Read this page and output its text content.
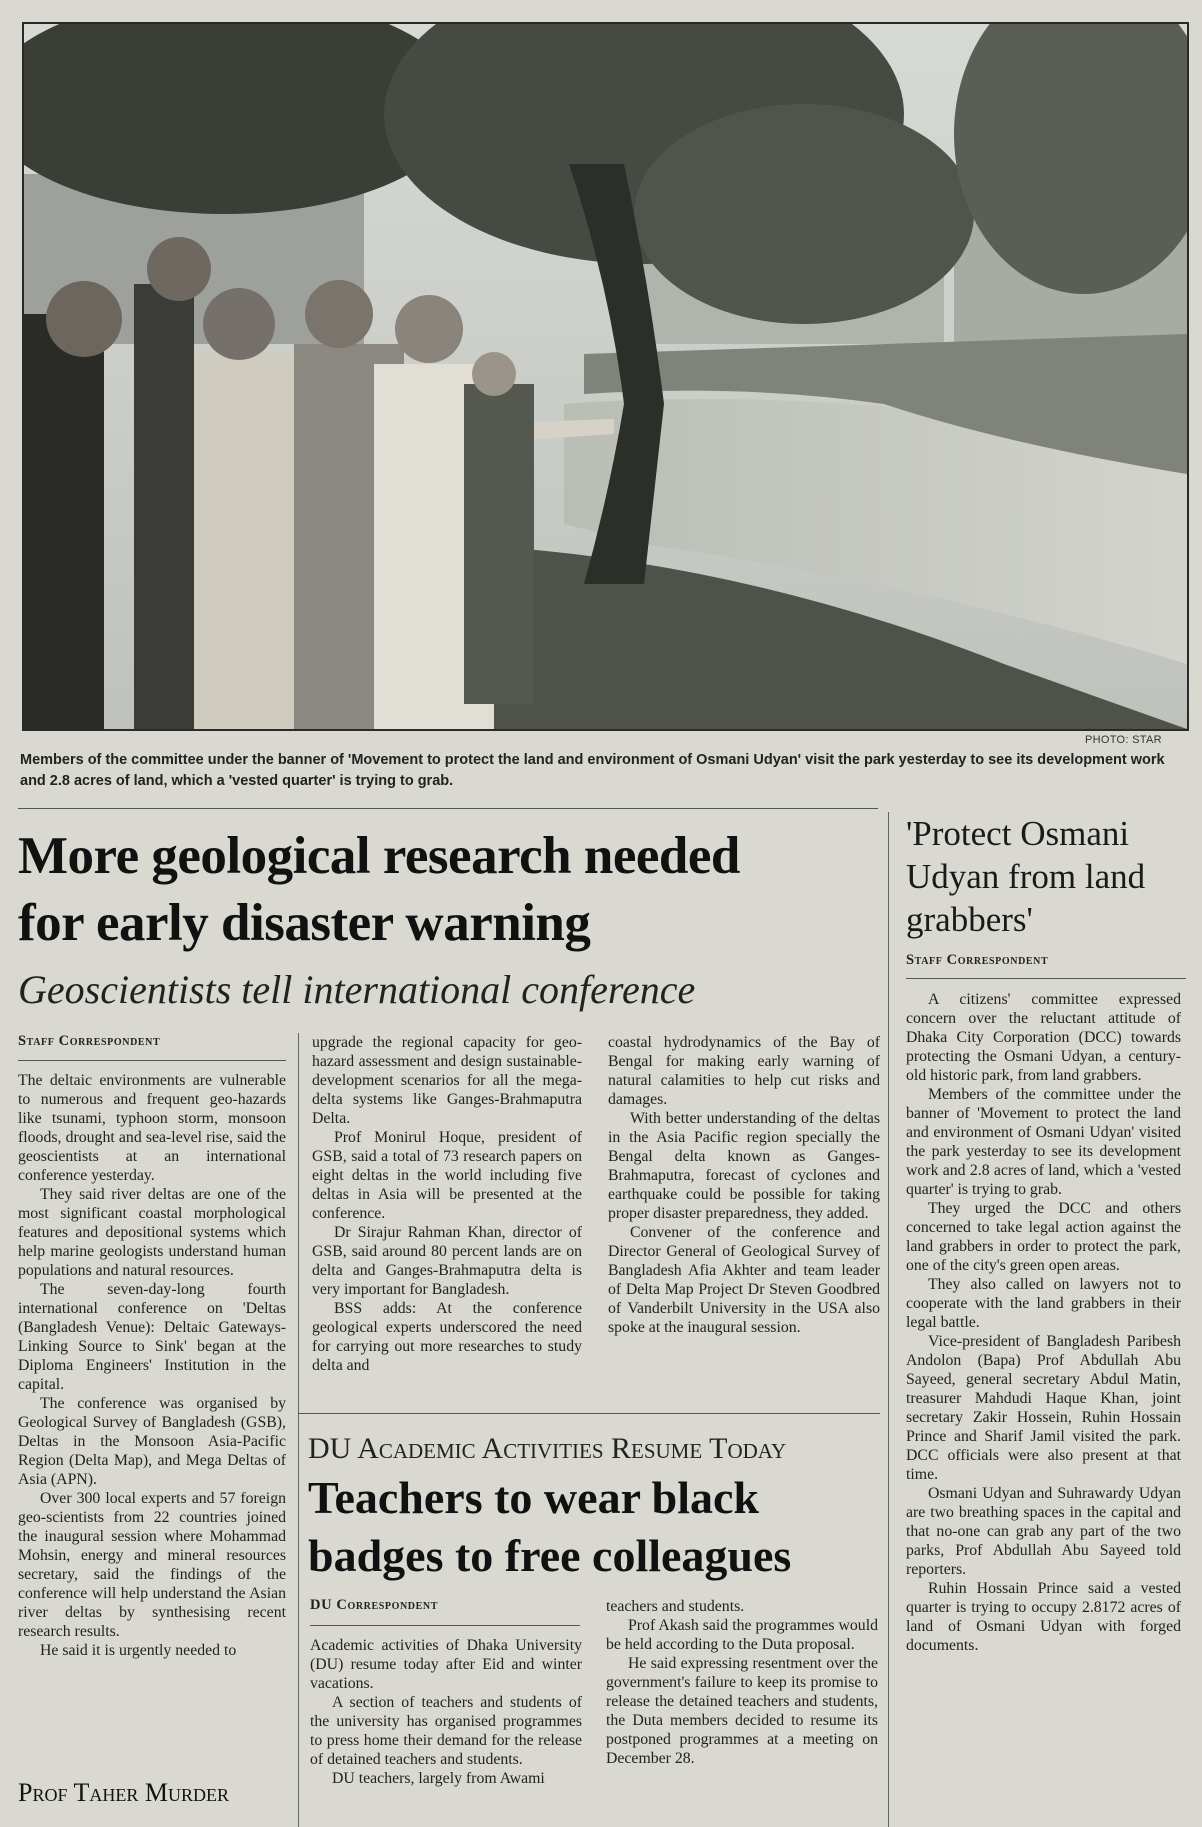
PHOTO: STAR
Members of the committee under the banner of 'Movement to protect the land and environment of Osmani Udyan' visit the park yesterday to see its development work and 2.8 acres of land, which a 'vested quarter' is trying to grab.
More geological research needed
for early disaster warning
Geoscientists tell international conference
Staff Correspondent

The deltaic environments are vulnerable to numerous and frequent geo-hazards like tsunami, typhoon storm, monsoon floods, drought and sea-level rise, said the geoscientists at an international conference yesterday.

They said river deltas are one of the most significant coastal morphological features and depositional systems which help marine geologists understand human populations and natural resources.

The seven-day-long fourth international conference on 'Deltas (Bangladesh Venue): Deltaic Gateways-Linking Source to Sink' began at the Diploma Engineers' Institution in the capital.

The conference was organised by Geological Survey of Bangladesh (GSB), Deltas in the Monsoon Asia-Pacific Region (Delta Map), and Mega Deltas of Asia (APN).

Over 300 local experts and 57 foreign geo-scientists from 22 countries joined the inaugural session where Mohammad Mohsin, energy and mineral resources secretary, said the findings of the conference will help understand the Asian river deltas by synthesising recent research results.

He said it is urgently needed to

upgrade the regional capacity for geo-hazard assessment and design sustainable-development scenarios for all the mega-delta systems like Ganges-Brahmaputra Delta.

Prof Monirul Hoque, president of GSB, said a total of 73 research papers on eight deltas in the world including five deltas in Asia will be presented at the conference.

Dr Sirajur Rahman Khan, director of GSB, said around 80 percent lands are on delta and Ganges-Brahmaputra delta is very important for Bangladesh.

BSS adds: At the conference geological experts underscored the need for carrying out more researches to study delta and

coastal hydrodynamics of the Bay of Bengal for making early warning of natural calamities to help cut risks and damages.

With better understanding of the deltas in the Asia Pacific region specially the Bengal delta known as Ganges-Brahmaputra, forecast of cyclones and earthquake could be possible for taking proper disaster preparedness, they added.

Convener of the conference and Director General of Geological Survey of Bangladesh Afia Akhter and team leader of Delta Map Project Dr Steven Goodbred of Vanderbilt University in the USA also spoke at the inaugural session.

Prof Taher Murder
DU Academic Activities Resume Today
Teachers to wear black
badges to free colleagues
DU Correspondent

Academic activities of Dhaka University (DU) resume today after Eid and winter vacations.

A section of teachers and students of the university has organised programmes to press home their demand for the release of detained teachers and students.

DU teachers, largely from Awami

teachers and students.

Prof Akash said the programmes would be held according to the Duta proposal.

He said expressing resentment over the government's failure to keep its promise to release the detained teachers and students, the Duta members decided to resume its postponed programmes at a meeting on December 28.

'Protect Osmani Udyan from land grabbers'
Staff Correspondent

A citizens' committee expressed concern over the reluctant attitude of Dhaka City Corporation (DCC) towards protecting the Osmani Udyan, a century-old historic park, from land grabbers.

Members of the committee under the banner of 'Movement to protect the land and environment of Osmani Udyan' visited the park yesterday to see its development work and 2.8 acres of land, which a 'vested quarter' is trying to grab.

They urged the DCC and others concerned to take legal action against the land grabbers in order to protect the park, one of the city's green open areas.

They also called on lawyers not to cooperate with the land grabbers in their legal battle.

Vice-president of Bangladesh Paribesh Andolon (Bapa) Prof Abdullah Abu Sayeed, general secretary Abdul Matin, treasurer Mahdudi Haque Khan, joint secretary Zakir Hossein, Ruhin Hossain Prince and Sharif Jamil visited the park. DCC officials were also present at that time.

Osmani Udyan and Suhrawardy Udyan are two breathing spaces in the capital and that no-one can grab any part of the two parks, Prof Abdullah Abu Sayeed told reporters.

Ruhin Hossain Prince said a vested quarter is trying to occupy 2.8172 acres of land of Osmani Udyan with forged documents.
